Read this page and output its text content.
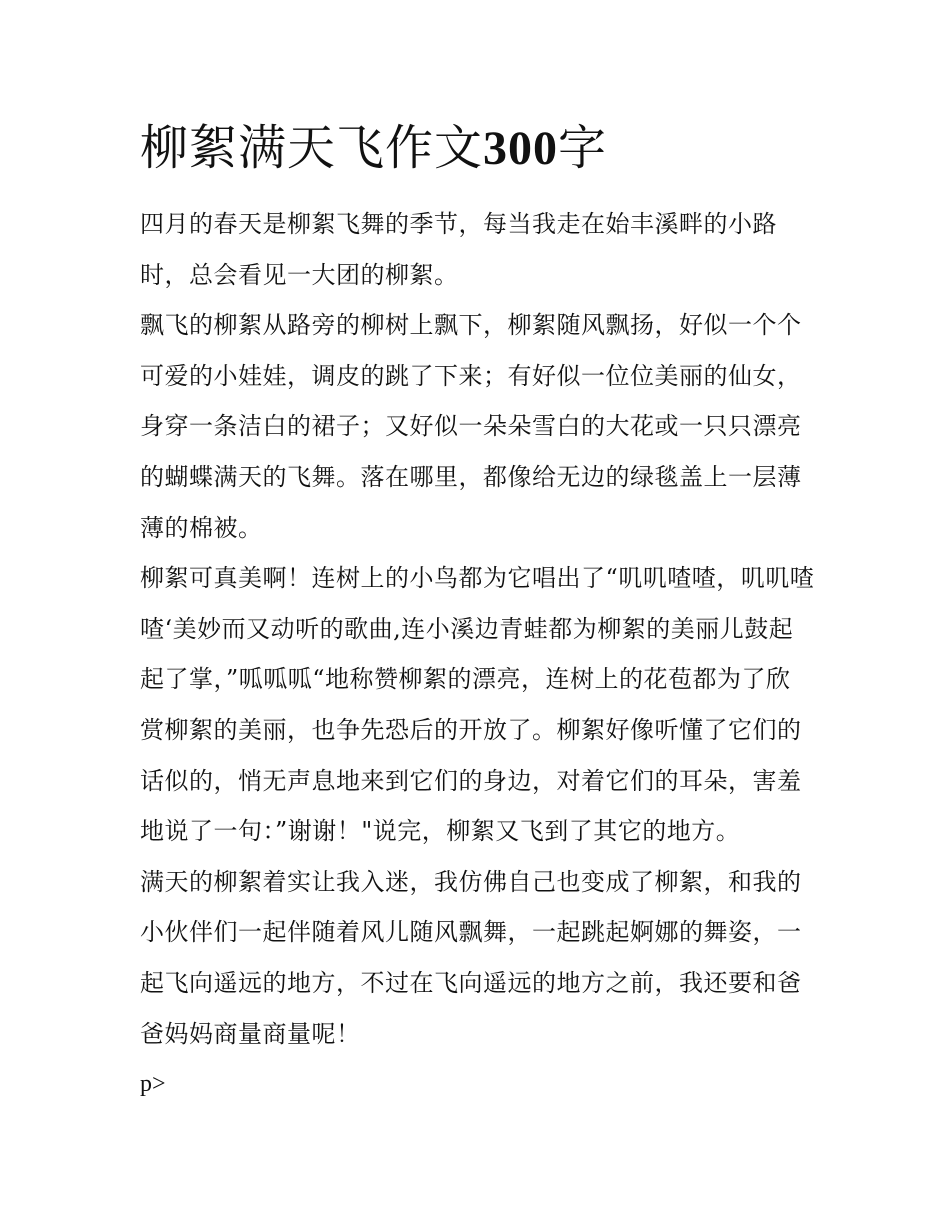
柳絮满天飞作文300字

四月的春天是柳絮飞舞的季节，每当我走在始丰溪畔的小路时，总会看见一大团的柳絮。

飘飞的柳絮从路旁的柳树上飘下，柳絮随风飘扬，好似一个个可爱的小娃娃，调皮的跳了下来；有好似一位位美丽的仙女，身穿一条洁白的裙子；又好似一朵朵雪白的大花或一只只漂亮的蝴蝶满天的飞舞。落在哪里，都像给无边的绿毯盖上一层薄薄的棉被。

柳絮可真美啊！连树上的小鸟都为它唱出了“叽叽喳喳，叽叽喳喳‘美妙而又动听的歌曲,连小溪边青蛙都为柳絮的美丽儿鼓起起了掌，”呱呱呱“地称赞柳絮的漂亮，连树上的花苞都为了欣赏柳絮的美丽，也争先恐后的开放了。柳絮好像听懂了它们的话似的，悄无声息地来到它们的身边，对着它们的耳朵，害羞地说了一句：”谢谢！"说完，柳絮又飞到了其它的地方。

满天的柳絮着实让我入迷，我仿佛自己也变成了柳絮，和我的小伙伴们一起伴随着风儿随风飘舞，一起跳起婀娜的舞姿，一起飞向遥远的地方，不过在飞向遥远的地方之前，我还要和爸爸妈妈商量商量呢！

p>
